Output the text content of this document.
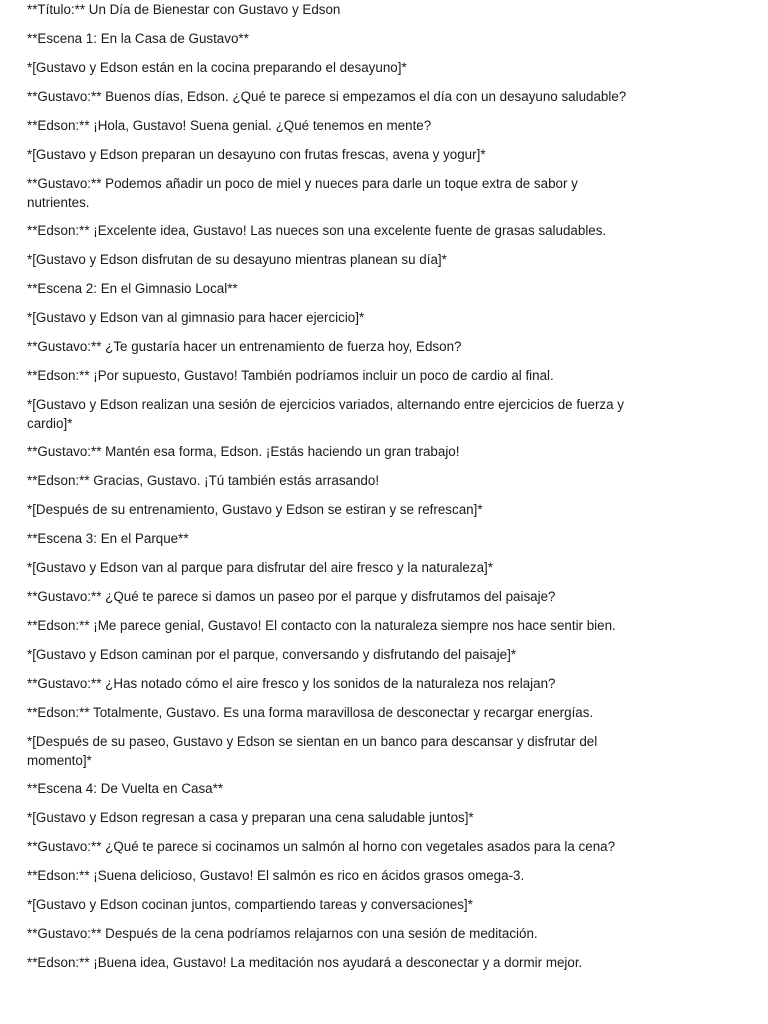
**Título:** Un Día de Bienestar con Gustavo y Edson

**Escena 1: En la Casa de Gustavo**

*[Gustavo y Edson están en la cocina preparando el desayuno]*

**Gustavo:** Buenos días, Edson. ¿Qué te parece si empezamos el día con un desayuno saludable?

**Edson:** ¡Hola, Gustavo! Suena genial. ¿Qué tenemos en mente?

*[Gustavo y Edson preparan un desayuno con frutas frescas, avena y yogur]*

**Gustavo:** Podemos añadir un poco de miel y nueces para darle un toque extra de sabor y nutrientes.

**Edson:** ¡Excelente idea, Gustavo! Las nueces son una excelente fuente de grasas saludables.

*[Gustavo y Edson disfrutan de su desayuno mientras planean su día]*

**Escena 2: En el Gimnasio Local**

*[Gustavo y Edson van al gimnasio para hacer ejercicio]*

**Gustavo:** ¿Te gustaría hacer un entrenamiento de fuerza hoy, Edson?

**Edson:** ¡Por supuesto, Gustavo! También podríamos incluir un poco de cardio al final.

*[Gustavo y Edson realizan una sesión de ejercicios variados, alternando entre ejercicios de fuerza y cardio]*

**Gustavo:** Mantén esa forma, Edson. ¡Estás haciendo un gran trabajo!

**Edson:** Gracias, Gustavo. ¡Tú también estás arrasando!

*[Después de su entrenamiento, Gustavo y Edson se estiran y se refrescan]*

**Escena 3: En el Parque**

*[Gustavo y Edson van al parque para disfrutar del aire fresco y la naturaleza]*

**Gustavo:** ¿Qué te parece si damos un paseo por el parque y disfrutamos del paisaje?

**Edson:** ¡Me parece genial, Gustavo! El contacto con la naturaleza siempre nos hace sentir bien.

*[Gustavo y Edson caminan por el parque, conversando y disfrutando del paisaje]*

**Gustavo:** ¿Has notado cómo el aire fresco y los sonidos de la naturaleza nos relajan?

**Edson:** Totalmente, Gustavo. Es una forma maravillosa de desconectar y recargar energías.

*[Después de su paseo, Gustavo y Edson se sientan en un banco para descansar y disfrutar del momento]*

**Escena 4: De Vuelta en Casa**

*[Gustavo y Edson regresan a casa y preparan una cena saludable juntos]*

**Gustavo:** ¿Qué te parece si cocinamos un salmón al horno con vegetales asados para la cena?

**Edson:** ¡Suena delicioso, Gustavo! El salmón es rico en ácidos grasos omega-3.

*[Gustavo y Edson cocinan juntos, compartiendo tareas y conversaciones]*

**Gustavo:** Después de la cena podríamos relajarnos con una sesión de meditación.

**Edson:** ¡Buena idea, Gustavo! La meditación nos ayudará a desconectar y a dormir mejor.
